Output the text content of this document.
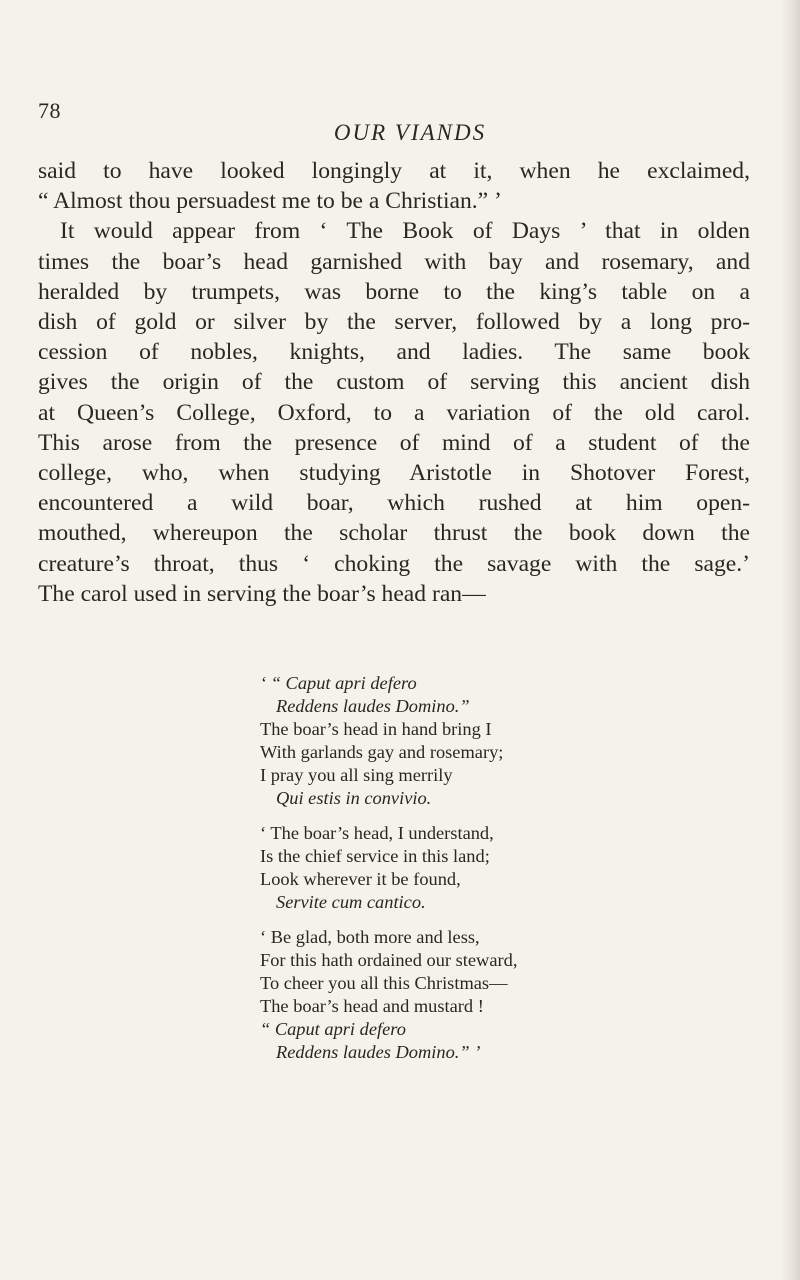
78
OUR VIANDS
said to have looked longingly at it, when he exclaimed,
“ Almost thou persuadest me to be a Christian.” ’
It would appear from ‘ The Book of Days ’ that in olden
times the boar’s head garnished with bay and rosemary, and
heralded by trumpets, was borne to the king’s table on a
dish of gold or silver by the server, followed by a long pro-
cession of nobles, knights, and ladies. The same book
gives the origin of the custom of serving this ancient dish
at Queen’s College, Oxford, to a variation of the old carol.
This arose from the presence of mind of a student of the
college, who, when studying Aristotle in Shotover Forest,
encountered a wild boar, which rushed at him open-
mouthed, whereupon the scholar thrust the book down the
creature’s throat, thus ‘ choking the savage with the sage.’
The carol used in serving the boar’s head ran—
‘ “ Caput apri defero
Reddens laudes Domino.”
The boar’s head in hand bring I
With garlands gay and rosemary;
I pray you all sing merrily
Qui estis in convivio.
‘ The boar’s head, I understand,
Is the chief service in this land;
Look wherever it be found,
Servite cum cantico.
‘ Be glad, both more and less,
For this hath ordained our steward,
To cheer you all this Christmas—
The boar’s head and mustard !
“ Caput apri defero
Reddens laudes Domino.” ’
